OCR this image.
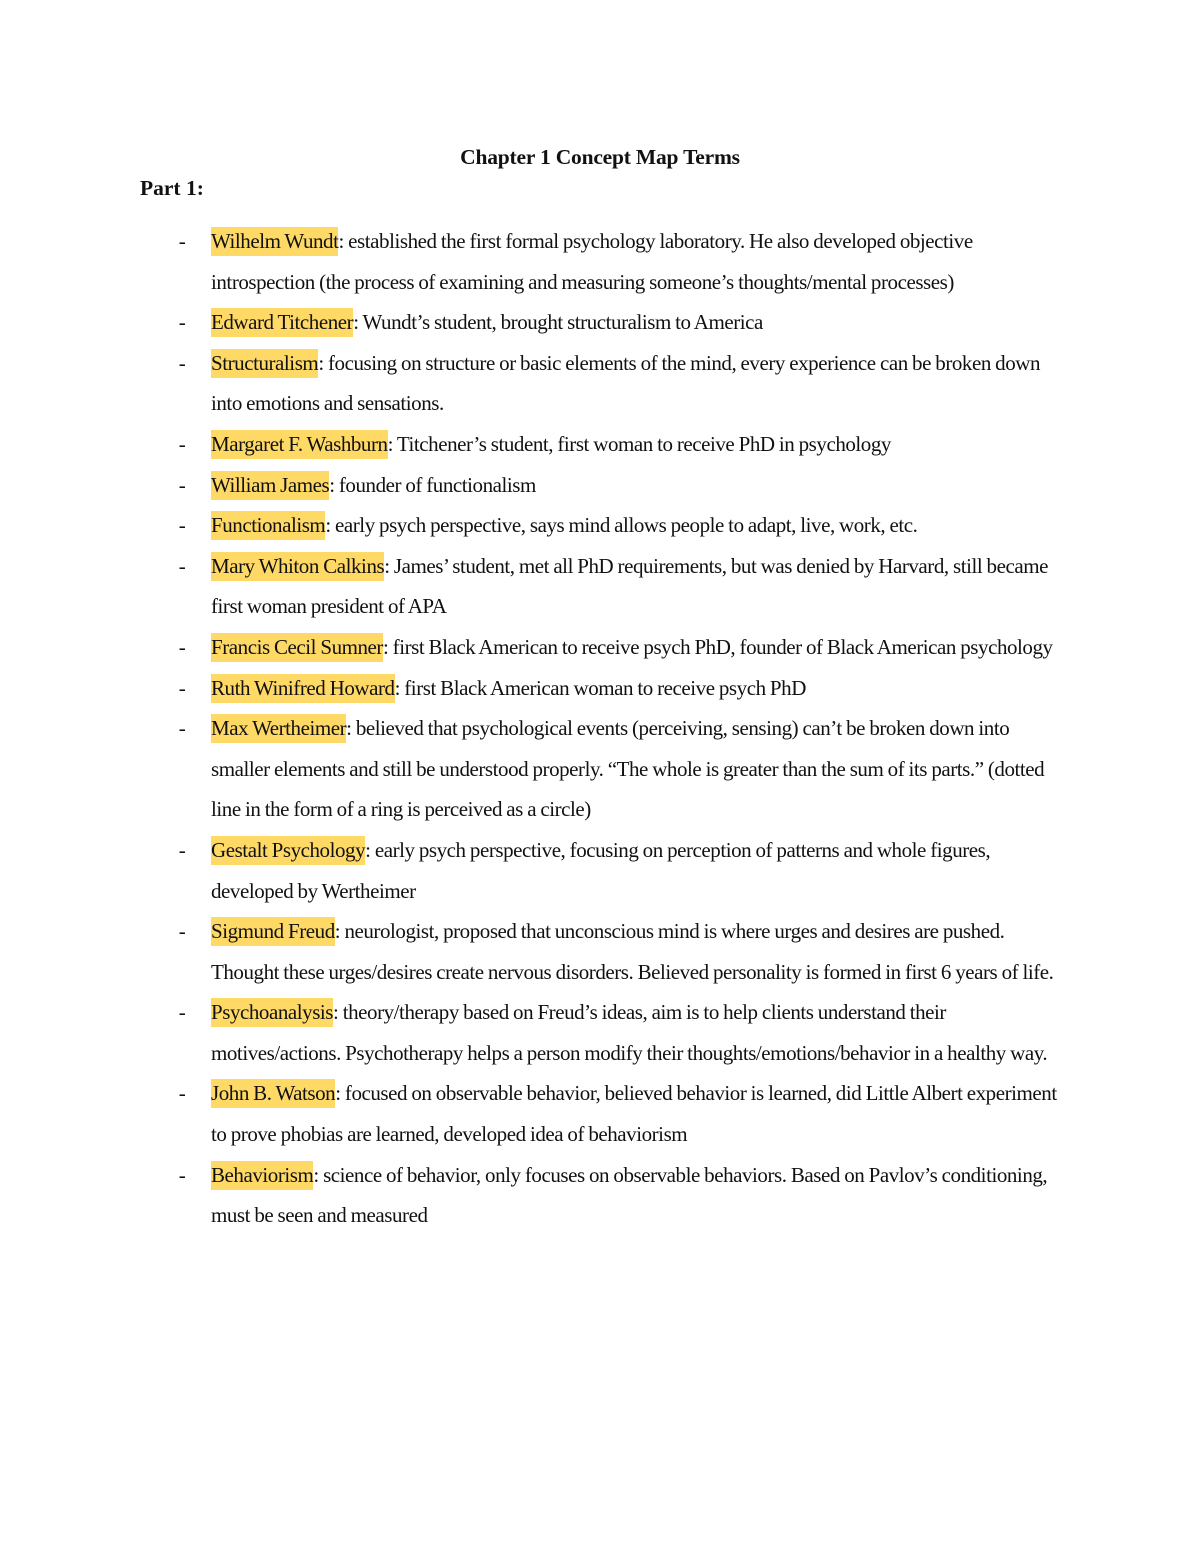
Chapter 1 Concept Map Terms
Part 1:
- Wilhelm Wundt: established the first formal psychology laboratory. He also developed objective introspection (the process of examining and measuring someone’s thoughts/mental processes)
- Edward Titchener: Wundt’s student, brought structuralism to America
- Structuralism: focusing on structure or basic elements of the mind, every experience can be broken down into emotions and sensations.
- Margaret F. Washburn: Titchener’s student, first woman to receive PhD in psychology
- William James: founder of functionalism
- Functionalism: early psych perspective, says mind allows people to adapt, live, work, etc.
- Mary Whiton Calkins: James’ student, met all PhD requirements, but was denied by Harvard, still became first woman president of APA
- Francis Cecil Sumner: first Black American to receive psych PhD, founder of Black American psychology
- Ruth Winifred Howard: first Black American woman to receive psych PhD
- Max Wertheimer: believed that psychological events (perceiving, sensing) can’t be broken down into smaller elements and still be understood properly. “The whole is greater than the sum of its parts.” (dotted line in the form of a ring is perceived as a circle)
- Gestalt Psychology: early psych perspective, focusing on perception of patterns and whole figures, developed by Wertheimer
- Sigmund Freud: neurologist, proposed that unconscious mind is where urges and desires are pushed. Thought these urges/desires create nervous disorders. Believed personality is formed in first 6 years of life.
- Psychoanalysis: theory/therapy based on Freud’s ideas, aim is to help clients understand their motives/actions. Psychotherapy helps a person modify their thoughts/emotions/behavior in a healthy way.
- John B. Watson: focused on observable behavior, believed behavior is learned, did Little Albert experiment to prove phobias are learned, developed idea of behaviorism
- Behaviorism: science of behavior, only focuses on observable behaviors. Based on Pavlov’s conditioning, must be seen and measured
